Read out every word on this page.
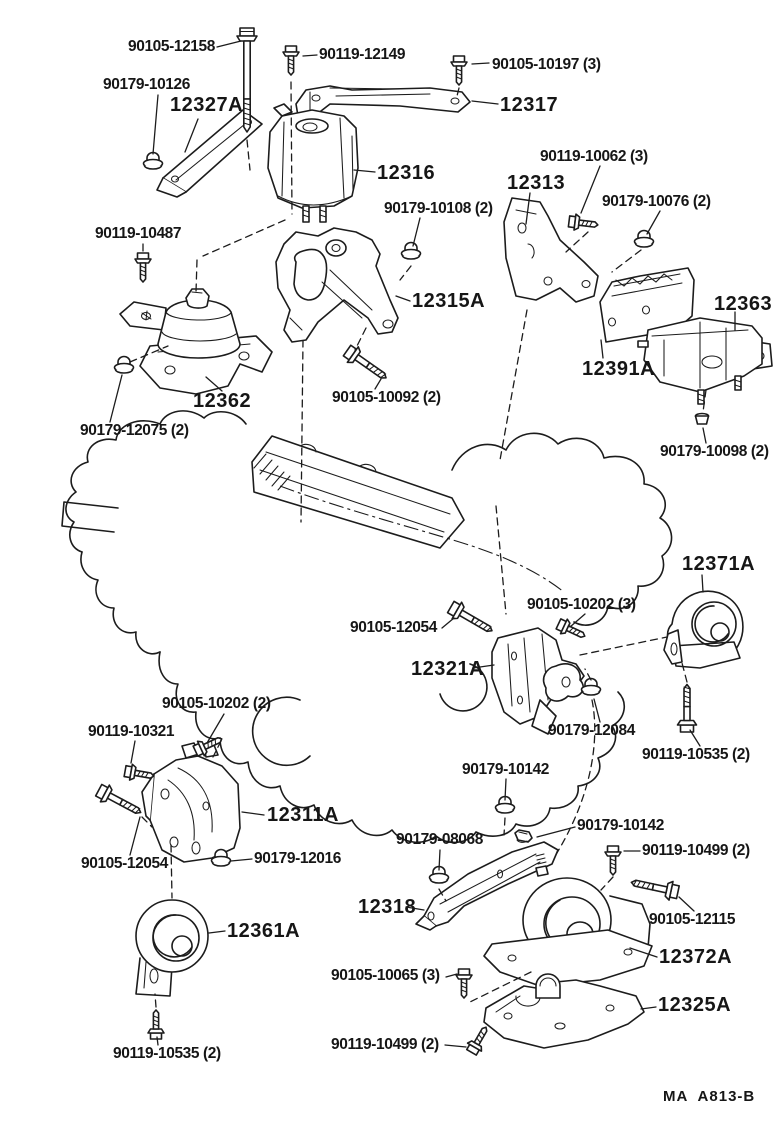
90105-12158	90119-12149
90105-10197 (3)
90179-10126
12327A	12317
12316
90119-10062 (3)
12313
90179-10076 (2)
90179-10108 (2)
90119-10487
12315A	12363
12391A
12362
90179-12075 (2)
90105-10092 (2)
90179-10098 (2)
12371A
90105-10202 (3)
90105-12054
12321A
90179-12084
90119-10535 (2)
90105-10202 (2)
90119-10321
12311A
90105-12054	90179-12016
12361A
90119-10535 (2)
90179-10142
90179-10142
90119-10499 (2)
90179-08068
12318
90105-12115
12372A
90105-10065 (3)
12325A
90119-10499 (2)
MA  A813-B
